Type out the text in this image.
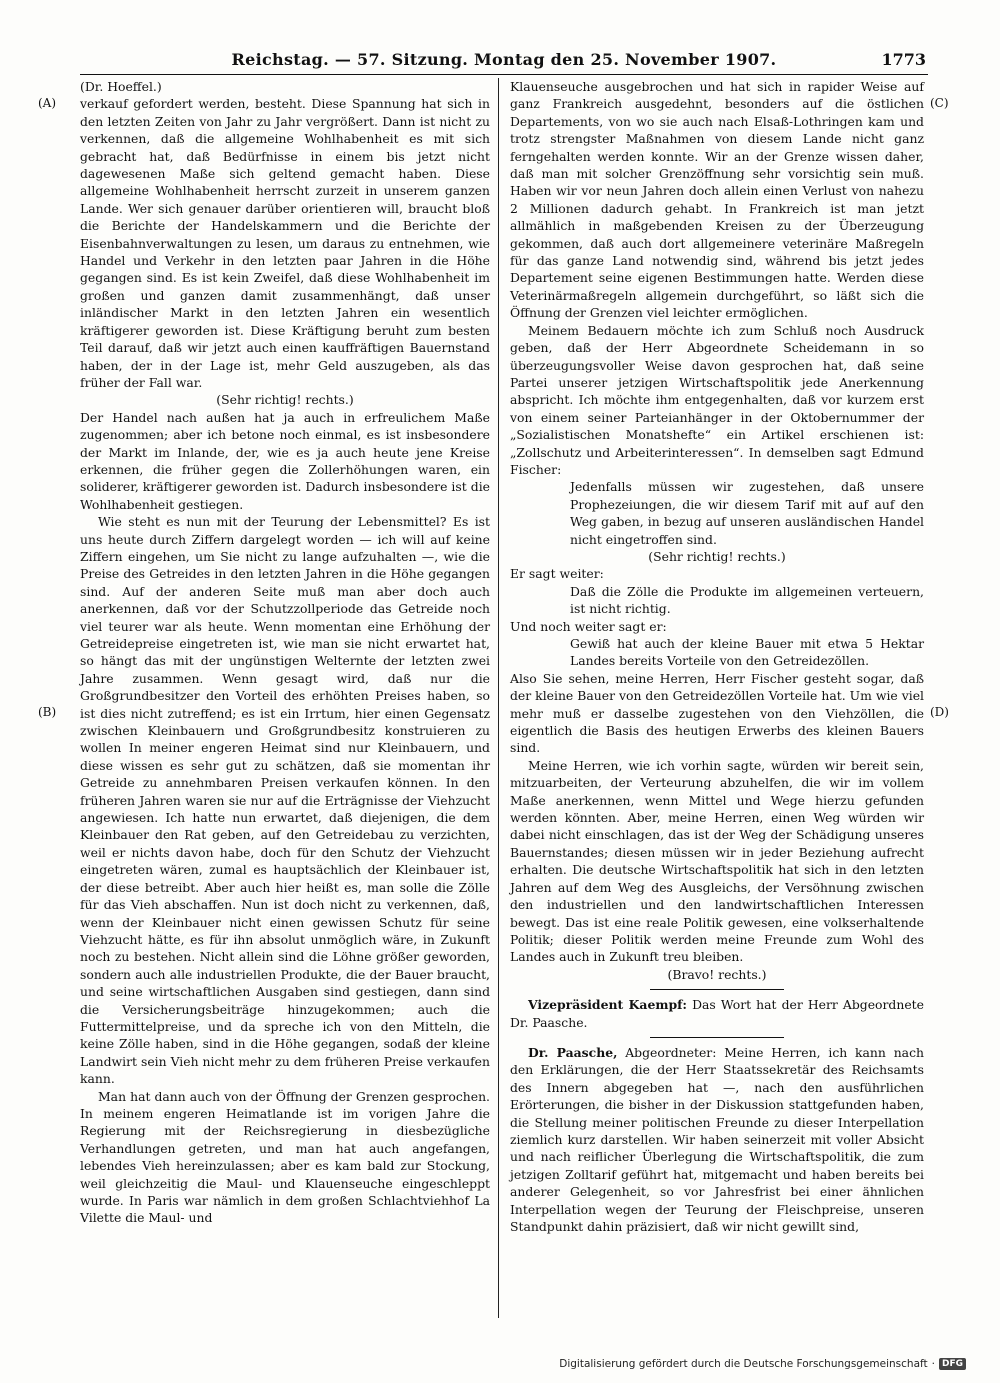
Reichstag. — 57. Sitzung. Montag den 25. November 1907.	1773
(A)
(B)
(C)
(D)

(Dr. Hoeffel.)

verkauf gefordert werden, besteht. Diese Spannung hat sich in den letzten Zeiten von Jahr zu Jahr vergrößert. Dann ist nicht zu verkennen, daß die allgemeine Wohlhabenheit es mit sich gebracht hat, daß Bedürfnisse in einem bis jetzt nicht dagewesenen Maße sich geltend gemacht haben. Diese allgemeine Wohlhabenheit herrscht zurzeit in unserem ganzen Lande. Wer sich genauer darüber orientieren will, braucht bloß die Berichte der Handelskammern und die Berichte der Eisenbahnverwaltungen zu lesen, um daraus zu entnehmen, wie Handel und Verkehr in den letzten paar Jahren in die Höhe gegangen sind. Es ist kein Zweifel, daß diese Wohlhabenheit im großen und ganzen damit zusammenhängt, daß unser inländischer Markt in den letzten Jahren ein wesentlich kräftigerer geworden ist. Diese Kräftigung beruht zum besten Teil darauf, daß wir jetzt auch einen kauffräftigen Bauernstand haben, der in der Lage ist, mehr Geld auszugeben, als das früher der Fall war.

(Sehr richtig! rechts.)

Der Handel nach außen hat ja auch in erfreulichem Maße zugenommen; aber ich betone noch einmal, es ist insbesondere der Markt im Inlande, der, wie es ja auch heute jene Kreise erkennen, die früher gegen die Zollerhöhungen waren, ein soliderer, kräftigerer geworden ist. Dadurch insbesondere ist die Wohlhabenheit gestiegen.

Wie steht es nun mit der Teurung der Lebensmittel? Es ist uns heute durch Ziffern dargelegt worden — ich will auf keine Ziffern eingehen, um Sie nicht zu lange aufzuhalten —, wie die Preise des Getreides in den letzten Jahren in die Höhe gegangen sind. Auf der anderen Seite muß man aber doch auch anerkennen, daß vor der Schutzzollperiode das Getreide noch viel teurer war als heute. Wenn momentan eine Erhöhung der Getreidepreise eingetreten ist, wie man sie nicht erwartet hat, so hängt das mit der ungünstigen Welternte der letzten zwei Jahre zusammen. Wenn gesagt wird, daß nur die Großgrundbesitzer den Vorteil des erhöhten Preises haben, so ist dies nicht zutreffend; es ist ein Irrtum, hier einen Gegensatz zwischen Kleinbauern und Großgrundbesitz konstruieren zu wollen In meiner engeren Heimat sind nur Kleinbauern, und diese wissen es sehr gut zu schätzen, daß sie momentan ihr Getreide zu annehmbaren Preisen verkaufen können. In den früheren Jahren waren sie nur auf die Erträgnisse der Viehzucht angewiesen. Ich hatte nun erwartet, daß diejenigen, die dem Kleinbauer den Rat geben, auf den Getreidebau zu verzichten, weil er nichts davon habe, doch für den Schutz der Viehzucht eingetreten wären, zumal es hauptsächlich der Kleinbauer ist, der diese betreibt. Aber auch hier heißt es, man solle die Zölle für das Vieh abschaffen. Nun ist doch nicht zu verkennen, daß, wenn der Kleinbauer nicht einen gewissen Schutz für seine Viehzucht hätte, es für ihn absolut unmöglich wäre, in Zukunft noch zu bestehen. Nicht allein sind die Löhne größer geworden, sondern auch alle industriellen Produkte, die der Bauer braucht, und seine wirtschaftlichen Ausgaben sind gestiegen, dann sind die Versicherungsbeiträge hinzugekommen; auch die Futtermittelpreise, und da spreche ich von den Mitteln, die keine Zölle haben, sind in die Höhe gegangen, sodaß der kleine Landwirt sein Vieh nicht mehr zu dem früheren Preise verkaufen kann.

Man hat dann auch von der Öffnung der Grenzen gesprochen. In meinem engeren Heimatlande ist im vorigen Jahre die Regierung mit der Reichsregierung in diesbezügliche Verhandlungen getreten, und man hat auch angefangen, lebendes Vieh hereinzulassen; aber es kam bald zur Stockung, weil gleichzeitig die Maul- und Klauenseuche eingeschleppt wurde. In Paris war nämlich in dem großen Schlachtviehhof La Vilette die Maul- und

Klauenseuche ausgebrochen und hat sich in rapider Weise auf ganz Frankreich ausgedehnt, besonders auf die östlichen Departements, von wo sie auch nach Elsaß-Lothringen kam und trotz strengster Maßnahmen von diesem Lande nicht ganz ferngehalten werden konnte. Wir an der Grenze wissen daher, daß man mit solcher Grenzöffnung sehr vorsichtig sein muß. Haben wir vor neun Jahren doch allein einen Verlust von nahezu 2 Millionen dadurch gehabt. In Frankreich ist man jetzt allmählich in maßgebenden Kreisen zu der Überzeugung gekommen, daß auch dort allgemeinere veterinäre Maßregeln für das ganze Land notwendig sind, während bis jetzt jedes Departement seine eigenen Bestimmungen hatte. Werden diese Veterinärmaßregeln allgemein durchgeführt, so läßt sich die Öffnung der Grenzen viel leichter ermöglichen.

Meinem Bedauern möchte ich zum Schluß noch Ausdruck geben, daß der Herr Abgeordnete Scheidemann in so überzeugungsvoller Weise davon gesprochen hat, daß seine Partei unserer jetzigen Wirtschaftspolitik jede Anerkennung abspricht. Ich möchte ihm entgegenhalten, daß vor kurzem erst von einem seiner Parteianhänger in der Oktobernummer der „Sozialistischen Monatshefte“ ein Artikel erschienen ist: „Zollschutz und Arbeiterinteressen“. In demselben sagt Edmund Fischer:

Jedenfalls müssen wir zugestehen, daß unsere Prophezeiungen, die wir diesem Tarif mit auf auf den Weg gaben, in bezug auf unseren ausländischen Handel nicht eingetroffen sind.

(Sehr richtig! rechts.)

Er sagt weiter:

Daß die Zölle die Produkte im allgemeinen verteuern, ist nicht richtig.

Und noch weiter sagt er:

Gewiß hat auch der kleine Bauer mit etwa 5 Hektar Landes bereits Vorteile von den Getreidezöllen.

Also Sie sehen, meine Herren, Herr Fischer gesteht sogar, daß der kleine Bauer von den Getreidezöllen Vorteile hat. Um wie viel mehr muß er dasselbe zugestehen von den Viehzöllen, die eigentlich die Basis des heutigen Erwerbs des kleinen Bauers sind.

Meine Herren, wie ich vorhin sagte, würden wir bereit sein, mitzuarbeiten, der Verteurung abzuhelfen, die wir im vollem Maße anerkennen, wenn Mittel und Wege hierzu gefunden werden könnten. Aber, meine Herren, einen Weg würden wir dabei nicht einschlagen, das ist der Weg der Schädigung unseres Bauernstandes; diesen müssen wir in jeder Beziehung aufrecht erhalten. Die deutsche Wirtschaftspolitik hat sich in den letzten Jahren auf dem Weg des Ausgleichs, der Versöhnung zwischen den industriellen und den landwirtschaftlichen Interessen bewegt. Das ist eine reale Politik gewesen, eine volkserhaltende Politik; dieser Politik werden meine Freunde zum Wohl des Landes auch in Zukunft treu bleiben.

(Bravo! rechts.)

Vizepräsident Kaempf: Das Wort hat der Herr Abgeordnete Dr. Paasche.

Dr. Paasche, Abgeordneter: Meine Herren, ich kann nach den Erklärungen, die der Herr Staatssekretär des Reichsamts des Innern abgegeben hat —, nach den ausführlichen Erörterungen, die bisher in der Diskussion stattgefunden haben, die Stellung meiner politischen Freunde zu dieser Interpellation ziemlich kurz darstellen. Wir haben seinerzeit mit voller Absicht und nach reiflicher Überlegung die Wirtschaftspolitik, die zum jetzigen Zolltarif geführt hat, mitgemacht und haben bereits bei anderer Gelegenheit, so vor Jahresfrist bei einer ähnlichen Interpellation wegen der Teurung der Fleischpreise, unseren Standpunkt dahin präzisiert, daß wir nicht gewillt sind,

Digitalisierung gefördert durch die Deutsche Forschungsgemeinschaft · DFG
